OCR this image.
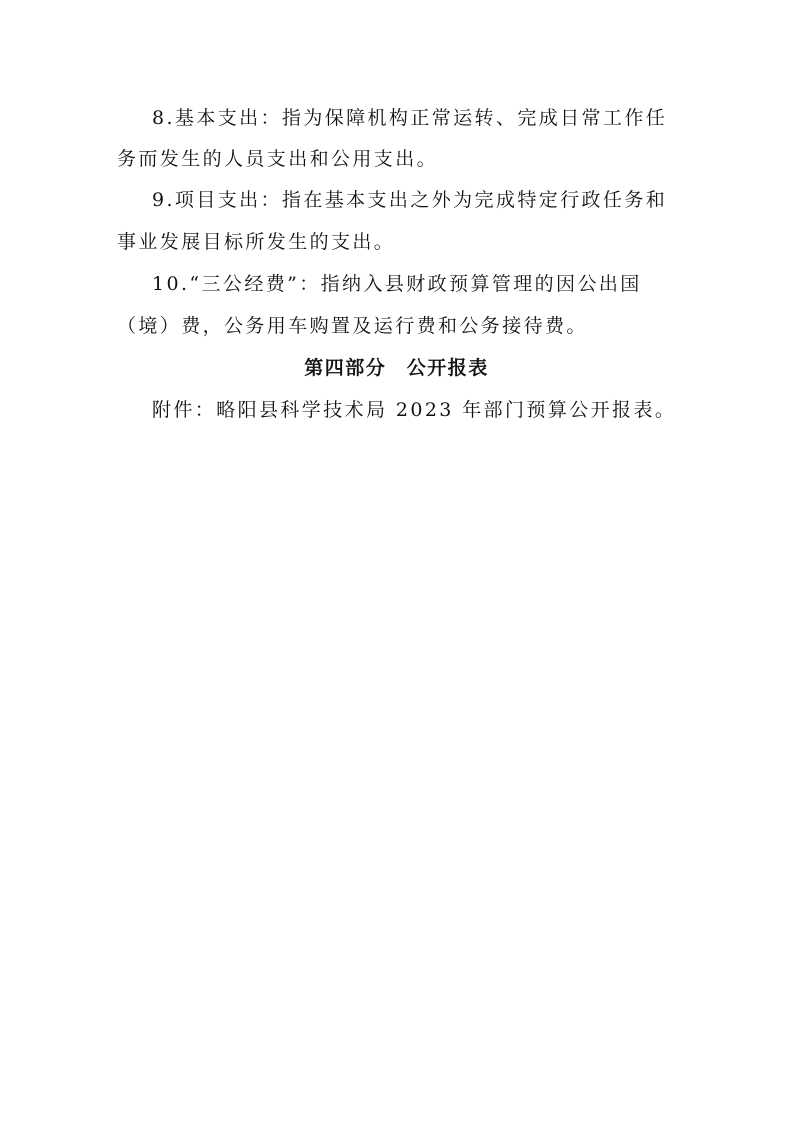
8.基本支出：指为保障机构正常运转、完成日常工作任
务而发生的人员支出和公用支出。
9.项目支出：指在基本支出之外为完成特定行政任务和
事业发展目标所发生的支出。
10.“三公经费”：指纳入县财政预算管理的因公出国
（境）费，公务用车购置及运行费和公务接待费。
第四部分　公开报表
附件：略阳县科学技术局 2023 年部门预算公开报表。
